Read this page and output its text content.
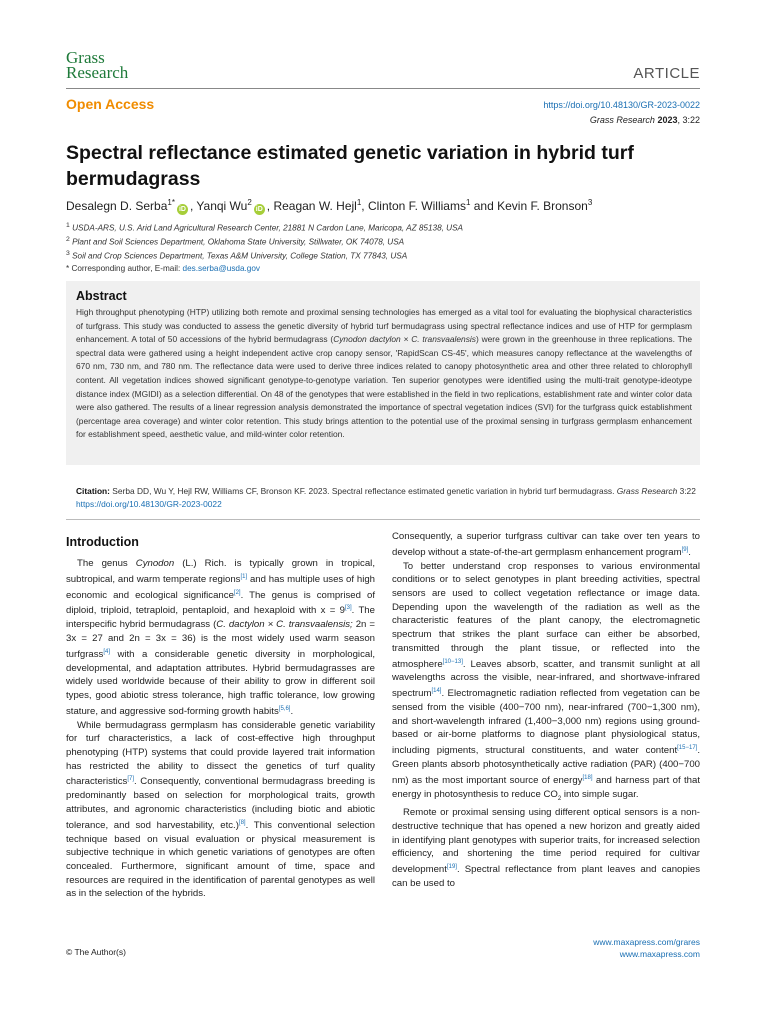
Grass
Research	ARTICLE
Open Access	https://doi.org/10.48130/GR-2023-0022
Grass Research 2023, 3:22
Spectral reflectance estimated genetic variation in hybrid turf bermudagrass
Desalegn D. Serba$^{1*}$iD , Yanqi Wu$^2$iD , Reagan W. Hejl$^1$, Clinton F. Williams$^1$ and Kevin F. Bronson$^3$
$^1$ USDA-ARS, U.S. Arid Land Agricultural Research Center, 21881 N Cardon Lane, Maricopa, AZ 85138, USA
$^2$ Plant and Soil Sciences Department, Oklahoma State University, Stillwater, OK 74078, USA
$^3$ Soil and Crop Sciences Department, Texas A&M University, College Station, TX 77843, USA
* Corresponding author, E-mail: des.serba@usda.gov
Abstract
High throughput phenotyping (HTP) utilizing both remote and proximal sensing technologies has emerged as a vital tool for evaluating the biophysical characteristics of turfgrass. This study was conducted to assess the genetic diversity of hybrid turf bermudagrass using spectral reflectance indices and use of HTP for germplasm enhancement. A total of 50 accessions of the hybrid bermudagrass (Cynodon dactylon × C. transvaalensis) were grown in the greenhouse in three replications. The spectral data were gathered using a height independent active crop canopy sensor, 'RapidScan CS-45', which measures canopy reflectance at the wavelengths of 670 nm, 730 nm, and 780 nm. The reflectance data were used to derive three indices related to canopy photosynthetic area and other three related to chlorophyll content. All vegetation indices showed significant genotype-to-genotype variation. Ten superior genotypes were identified using the multi-trait genotype-ideotype distance index (MGIDI) as a selection differential. On 48 of the genotypes that were established in the field in two replications, establishment rate and winter color data were also gathered. The results of a linear regression analysis demonstrated the importance of spectral vegetation indices (SVI) for the turfgrass quick establishment (percentage area coverage) and winter color retention. This study brings attention to the potential use of the proximal sensing in turfgrass germplasm enhancement for establishment speed, aesthetic value, and mild-winter color retention.
Citation: Serba DD, Wu Y, Hejl RW, Williams CF, Bronson KF. 2023. Spectral reflectance estimated genetic variation in hybrid turf bermudagrass. Grass Research 3:22 https://doi.org/10.48130/GR-2023-0022
Introduction

The genus Cynodon (L.) Rich. is typically grown in tropical, subtropical, and warm temperate regions[1] and has multiple uses of high economic and ecological significance[2]. The genus is comprised of diploid, triploid, tetraploid, pentaploid, and hexaploid with x = 9[3]. The interspecific hybrid bermudagrass (C. dactylon × C. transvaalensis; 2n = 3x = 27 and 2n = 3x = 36) is the most widely used warm season turfgrass[4] with a considerable genetic diversity in morphological, developmental, and adaptation attributes. Hybrid bermudagrasses are widely used worldwide because of their ability to grow in different soil types, good abiotic stress tolerance, high traffic tolerance, low growing stature, and aggressive sod-forming growth habits[5,6].

While bermudagrass germplasm has considerable genetic variability for turf characteristics, a lack of cost-effective high throughput phenotyping (HTP) systems that could provide layered trait information has restricted the ability to dissect the genetics of turf quality characteristics[7]. Consequently, conventional bermudagrass breeding is predominantly based on selection for morphological traits, growth attributes, and agronomic characteristics (including biotic and abiotic tolerance, and sod harvestability, etc.)[8]. This conventional selection technique based on visual evaluation or physical measurement is subjective technique in which genetic variations of genotypes are often concealed. Furthermore, significant amount of time, space and resources are required in the identification of parental genotypes as well as in the selection of the hybrids.

Consequently, a superior turfgrass cultivar can take over ten years to develop without a state-of-the-art germplasm enhancement program[9].

To better understand crop responses to various environmental conditions or to select genotypes in plant breeding activities, spectral sensors are used to collect vegetation reflectance or image data. Depending upon the wavelength of the radiation as well as the characteristic features of the plant canopy, the electromagnetic spectrum that strikes the plant surface can either be absorbed, transmitted through the plant tissue, or reflected into the atmosphere[10−13]. Leaves absorb, scatter, and transmit sunlight at all wavelengths across the visible, near-infrared, and shortwave-infrared spectrum[14]. Electromagnetic radiation reflected from vegetation can be sensed from the visible (400−700 nm), near-infrared (700−1,300 nm), and short-wavelength infrared (1,400−3,000 nm) regions using ground-based or air-borne platforms to diagnose plant physiological status, including pigments, structural constituents, and water content[15−17]. Green plants absorb photosynthetically active radiation (PAR) (400−700 nm) as the most important source of energy[18] and harness part of that energy in photosynthesis to reduce $CO_2$ into simple sugar.

Remote or proximal sensing using different optical sensors is a non-destructive technique that has opened a new horizon and greatly aided in identifying plant genotypes with superior traits, for increased selection efficiency, and shortening the time period required for cultivar development[19]. Spectral reflectance from plant leaves and canopies can be used to

© The Author(s)
www.maxapress.com/grares
www.maxapress.com
